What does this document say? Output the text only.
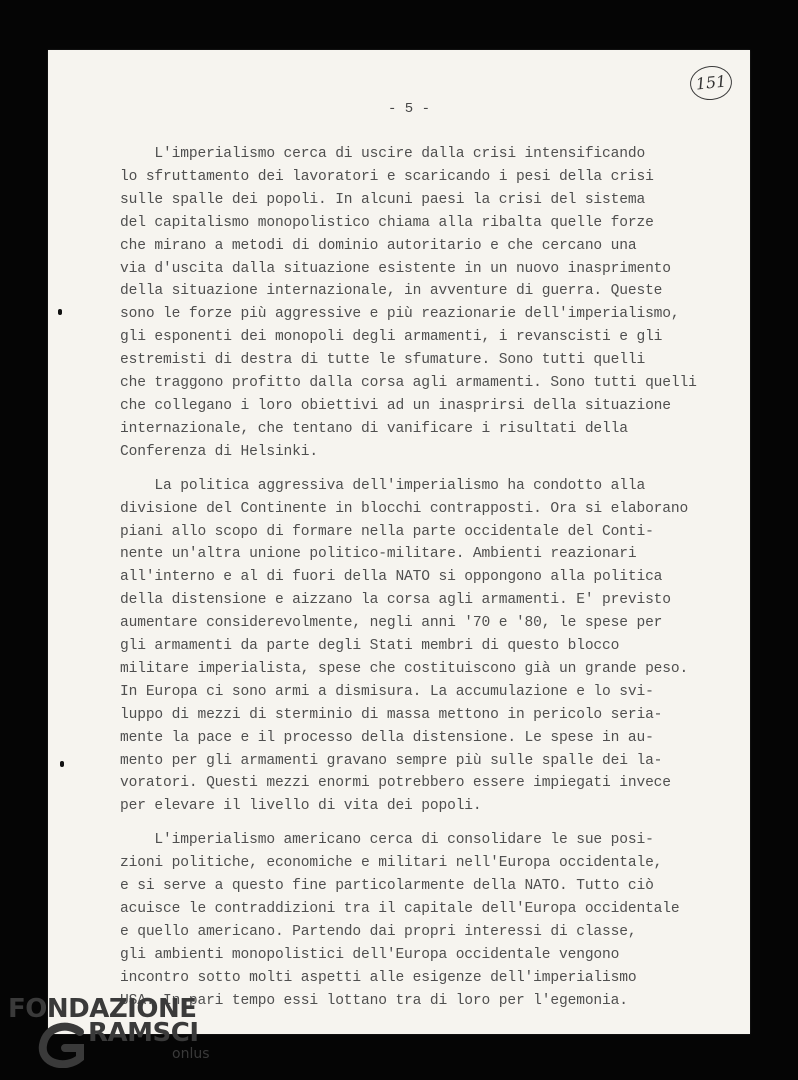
151
- 5 -
L'imperialismo cerca di uscire dalla crisi intensificando
lo sfruttamento dei lavoratori e scaricando i pesi della crisi
sulle spalle dei popoli. In alcuni paesi la crisi del sistema
del capitalismo monopolistico chiama alla ribalta quelle forze
che mirano a metodi di dominio autoritario e che cercano una
via d'uscita dalla situazione esistente in un nuovo inasprimento
della situazione internazionale, in avventure di guerra. Queste
sono le forze più aggressive e più reazionarie dell'imperialismo,
gli esponenti dei monopoli degli armamenti, i revanscisti e gli
estremisti di destra di tutte le sfumature. Sono tutti quelli
che traggono profitto dalla corsa agli armamenti. Sono tutti quelli
che collegano i loro obiettivi ad un inasprirsi della situazione
internazionale, che tentano di vanificare i risultati della
Conferenza di Helsinki.
La politica aggressiva dell'imperialismo ha condotto alla
divisione del Continente in blocchi contrapposti. Ora si elaborano
piani allo scopo di formare nella parte occidentale del Conti-
nente un'altra unione politico-militare. Ambienti reazionari
all'interno e al di fuori della NATO si oppongono alla politica
della distensione e aizzano la corsa agli armamenti. E' previsto
aumentare considerevolmente, negli anni '70 e '80, le spese per
gli armamenti da parte degli Stati membri di questo blocco
militare imperialista, spese che costituiscono già un grande peso.
In Europa ci sono armi a dismisura. La accumulazione e lo svi-
luppo di mezzi di sterminio di massa mettono in pericolo seria-
mente la pace e il processo della distensione. Le spese in au-
mento per gli armamenti gravano sempre più sulle spalle dei la-
voratori. Questi mezzi enormi potrebbero essere impiegati invece
per elevare il livello di vita dei popoli.
L'imperialismo americano cerca di consolidare le sue posi-
zioni politiche, economiche e militari nell'Europa occidentale,
e si serve a questo fine particolarmente della NATO. Tutto ciò
acuisce le contraddizioni tra il capitale dell'Europa occidentale
e quello americano. Partendo dai propri interessi di classe,
gli ambienti monopolistici dell'Europa occidentale vengono
incontro sotto molti aspetti alle esigenze dell'imperialismo
USA. In pari tempo essi lottano tra di loro per l'egemonia.
FONDAZIONE
RAMSCI
onlus
